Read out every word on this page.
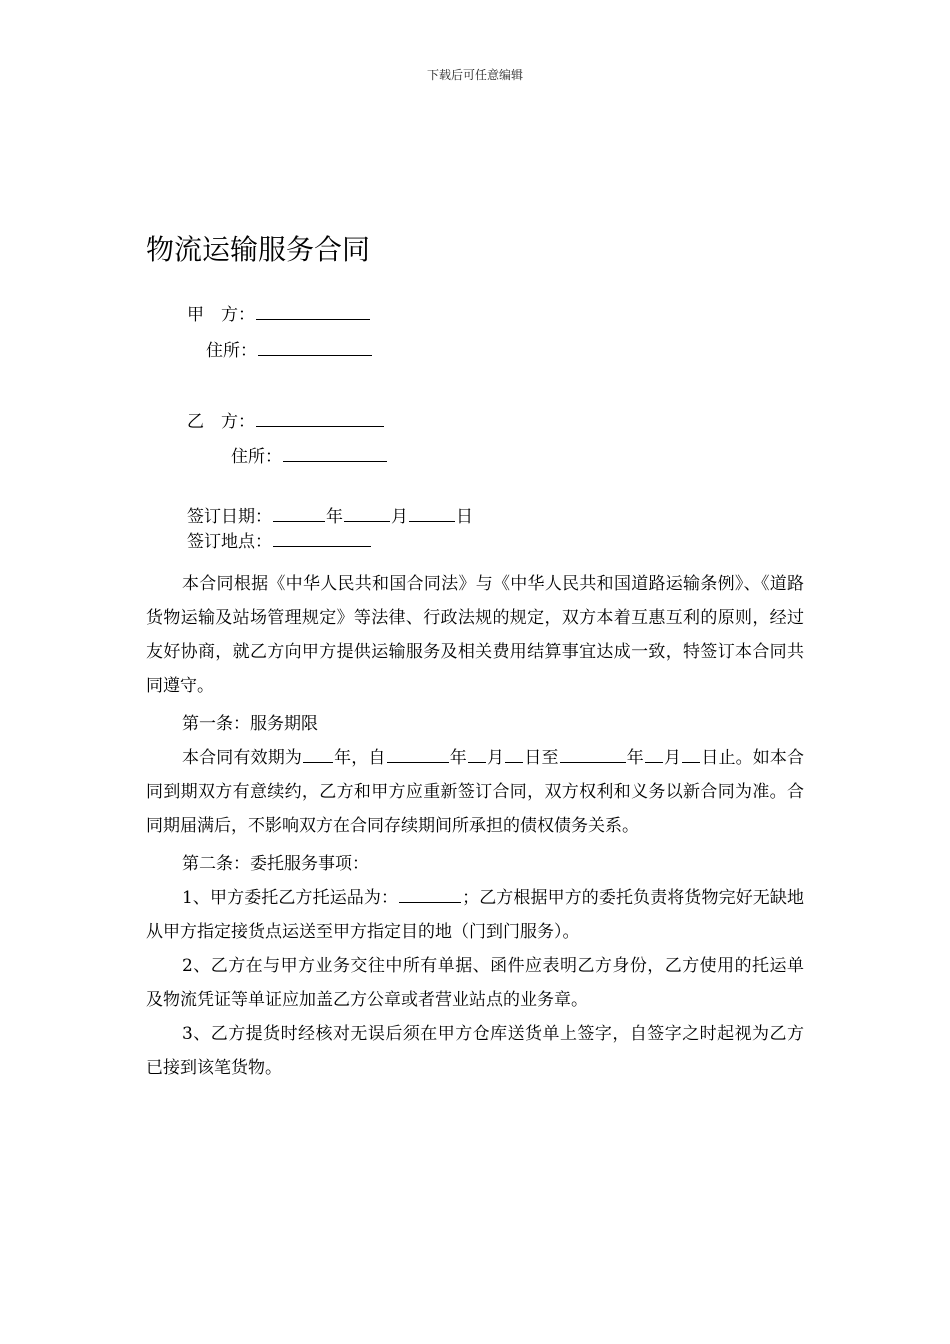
下载后可任意编辑
物流运输服务合同
甲　方：
住所：
乙　方：
住所：
签订日期：	年	月	日
签订地点：

本合同根据《中华人民共和国合同法》与《中华人民共和国道路运输条例》、《道路货物运输及站场管理规定》等法律、行政法规的规定，双方本着互惠互利的原则，经过友好协商，就乙方向甲方提供运输服务及相关费用结算事宜达成一致，特签订本合同共同遵守。

第一条：服务期限

本合同有效期为 年，自	年 月 日至	年 月 日止。如本合同到期双方有意续约，乙方和甲方应重新签订合同，双方权利和义务以新合同为准。合同期届满后，不影响双方在合同存续期间所承担的债权债务关系。

第二条：委托服务事项：

1、甲方委托乙方托运品为：	；乙方根据甲方的委托负责将货物完好无缺地从甲方指定接货点运送至甲方指定目的地（门到门服务）。

2、乙方在与甲方业务交往中所有单据、函件应表明乙方身份，乙方使用的托运单及物流凭证等单证应加盖乙方公章或者营业站点的业务章。

3、乙方提货时经核对无误后须在甲方仓库送货单上签字，自签字之时起视为乙方已接到该笔货物。
